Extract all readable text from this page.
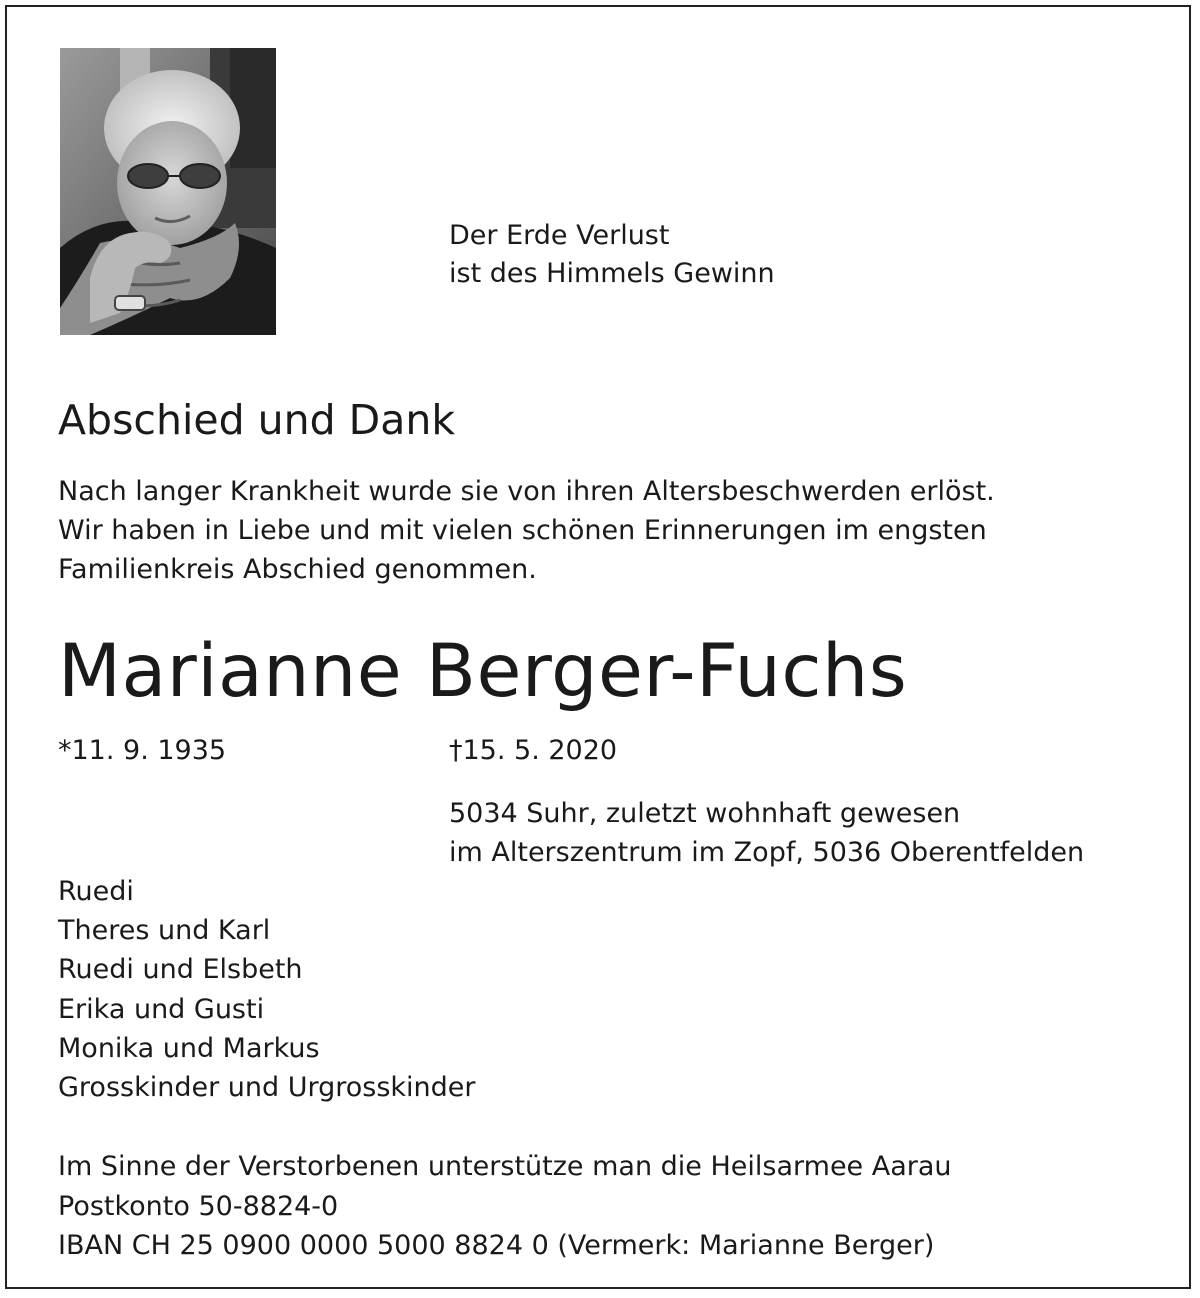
Der Erde Verlust
ist des Himmels Gewinn
Abschied und Dank
Nach langer Krankheit wurde sie von ihren Altersbeschwerden erlöst.
Wir haben in Liebe und mit vielen schönen Erinnerungen im engsten
Familienkreis Abschied genommen.
Marianne Berger-Fuchs
*11. 9. 1935	†15. 5. 2020
5034 Suhr, zuletzt wohnhaft gewesen
im Alterszentrum im Zopf, 5036 Oberentfelden
Ruedi
Theres und Karl
Ruedi und Elsbeth
Erika und Gusti
Monika und Markus
Grosskinder und Urgrosskinder
Im Sinne der Verstorbenen unterstütze man die Heilsarmee Aarau
Postkonto 50-8824-0
IBAN CH 25 0900 0000 5000 8824 0 (Vermerk: Marianne Berger)
